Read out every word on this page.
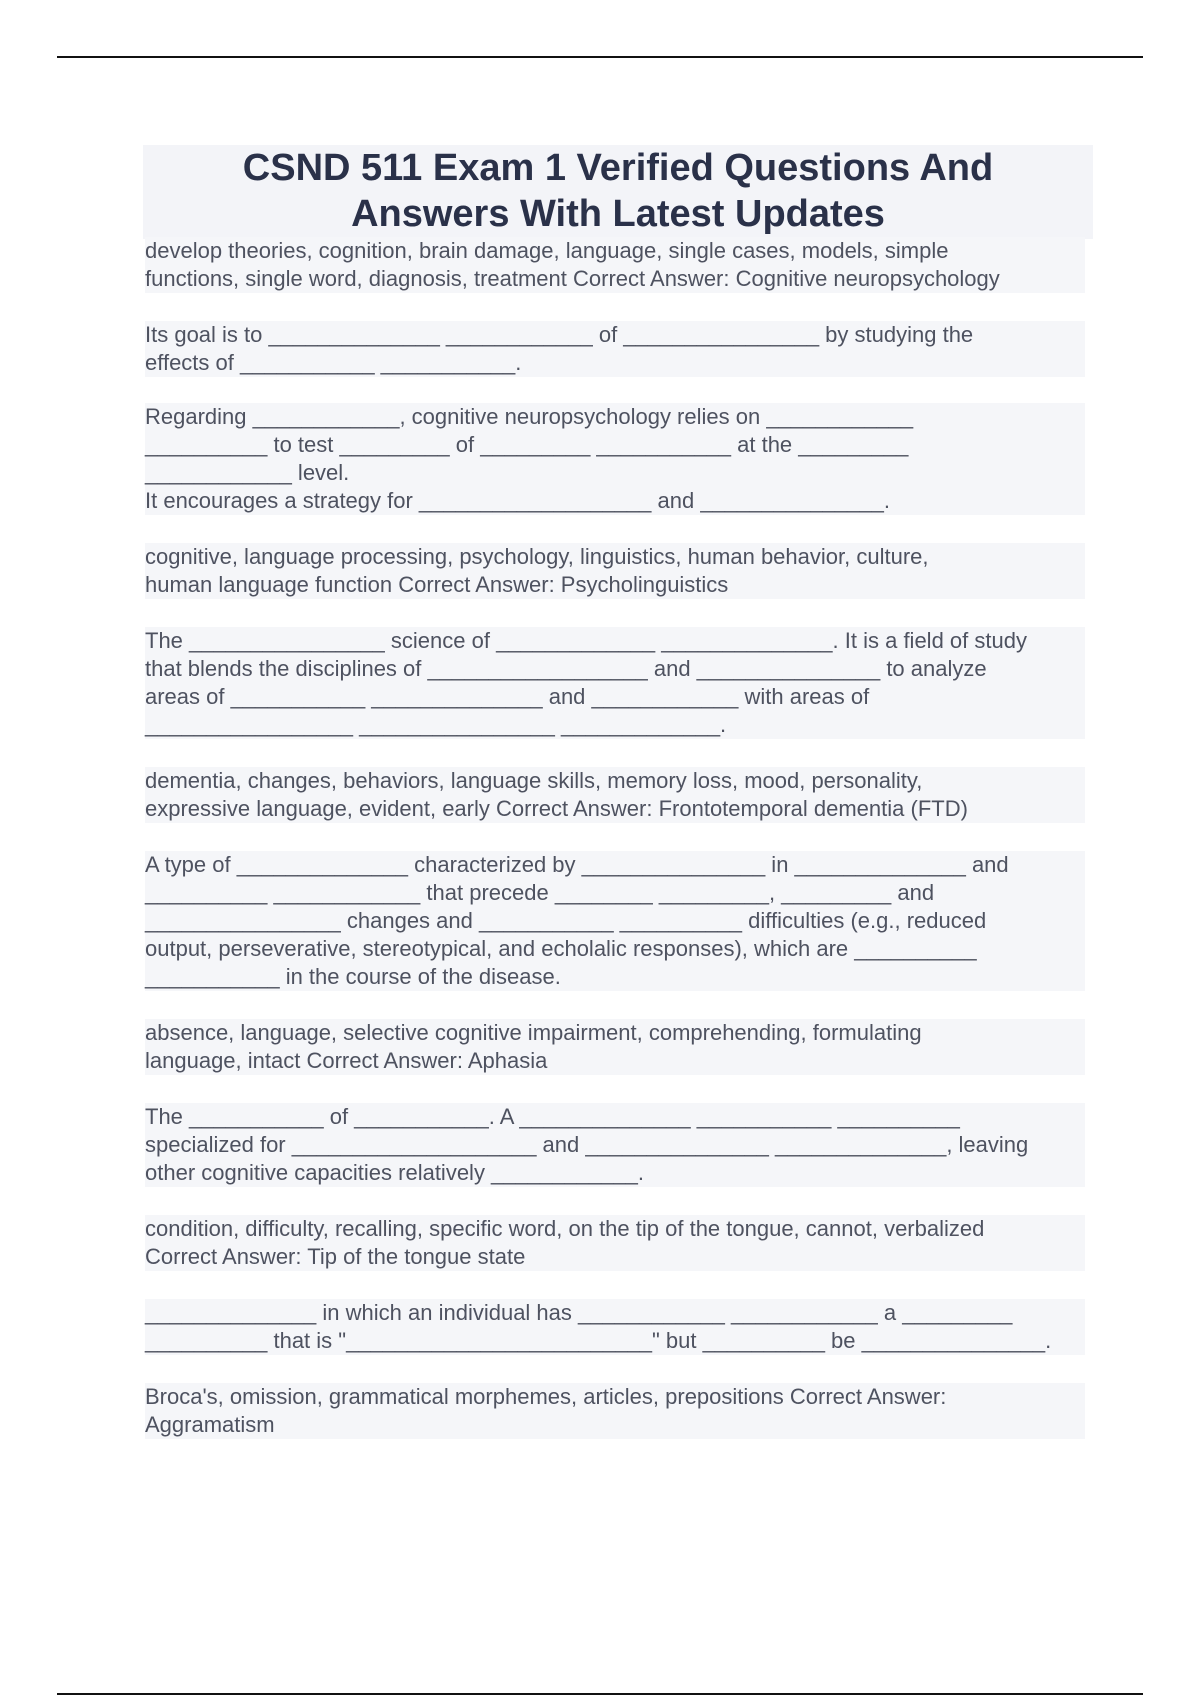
CSND 511 Exam 1 Verified Questions And
Answers With Latest Updates

develop theories, cognition, brain damage, language, single cases, models, simple
functions, single word, diagnosis, treatment Correct Answer: Cognitive neuropsychology

Its goal is to ______________ ____________ of ________________ by studying the
effects of ___________ ___________.

Regarding ____________, cognitive neuropsychology relies on ____________
__________ to test _________ of _________ ___________ at the _________
____________ level.
It encourages a strategy for ___________________ and _______________.

cognitive, language processing, psychology, linguistics, human behavior, culture,
human language function Correct Answer: Psycholinguistics

The ________________ science of _____________ ______________. It is a field of study
that blends the disciplines of __________________ and _______________ to analyze
areas of ___________ ______________ and ____________ with areas of
_________________ ________________ _____________.

dementia, changes, behaviors, language skills, memory loss, mood, personality,
expressive language, evident, early Correct Answer: Frontotemporal dementia (FTD)

A type of ______________ characterized by _______________ in ______________ and
__________ ____________ that precede ________ _________, _________ and
________________ changes and ___________ __________ difficulties (e.g., reduced
output, perseverative, stereotypical, and echolalic responses), which are __________
___________ in the course of the disease.

absence, language, selective cognitive impairment, comprehending, formulating
language, intact Correct Answer: Aphasia

The ___________ of ___________. A ______________ ___________ __________
specialized for ____________________ and _______________ ______________, leaving
other cognitive capacities relatively ____________.

condition, difficulty, recalling, specific word, on the tip of the tongue, cannot, verbalized
Correct Answer: Tip of the tongue state

______________ in which an individual has ____________ ____________ a _________
__________ that is "_________________________" but __________ be _______________.

Broca's, omission, grammatical morphemes, articles, prepositions Correct Answer:
Aggramatism
